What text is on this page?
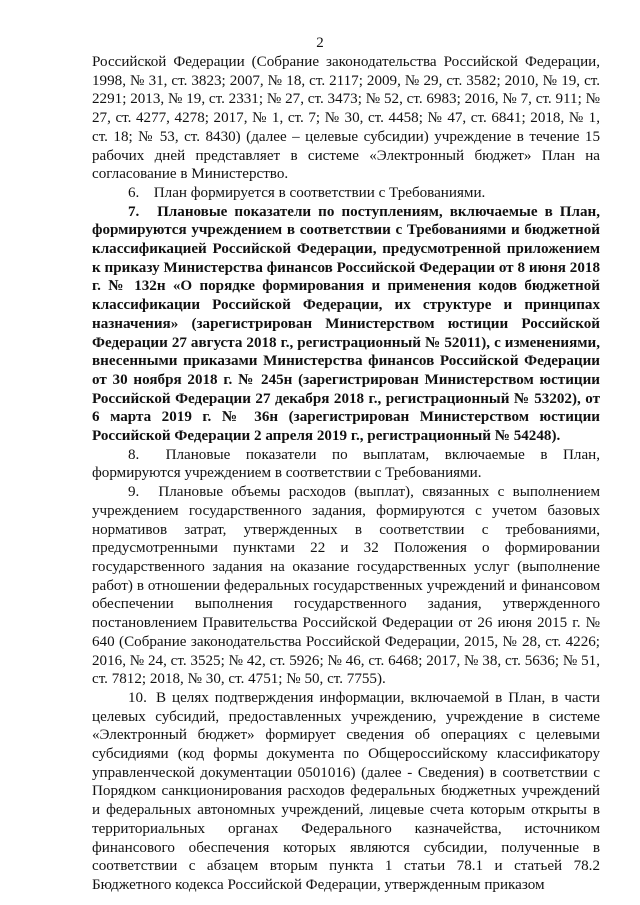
2

Российской Федерации (Собрание законодательства Российской Федерации, 1998, № 31, ст. 3823; 2007, № 18, ст. 2117; 2009, № 29, ст. 3582; 2010, № 19, ст. 2291; 2013, № 19, ст. 2331; № 27, ст. 3473; № 52, ст. 6983; 2016, № 7, ст. 911; № 27, ст. 4277, 4278; 2017, № 1, ст. 7; № 30, ст. 4458; № 47, ст. 6841; 2018, № 1, ст. 18; № 53, ст. 8430) (далее – целевые субсидии) учреждение в течение 15 рабочих дней представляет в системе «Электронный бюджет» План на согласование в Министерство.

6. План формируется в соответствии с Требованиями.

7. Плановые показатели по поступлениям, включаемые в План, формируются учреждением в соответствии с Требованиями и бюджетной классификацией Российской Федерации, предусмотренной приложением к приказу Министерства финансов Российской Федерации от 8 июня 2018 г. № 132н «О порядке формирования и применения кодов бюджетной классификации Российской Федерации, их структуре и принципах назначения» (зарегистрирован Министерством юстиции Российской Федерации 27 августа 2018 г., регистрационный № 52011), с изменениями, внесенными приказами Министерства финансов Российской Федерации от 30 ноября 2018 г. № 245н (зарегистрирован Министерством юстиции Российской Федерации 27 декабря 2018 г., регистрационный № 53202), от 6 марта 2019 г. № 36н (зарегистрирован Министерством юстиции Российской Федерации 2 апреля 2019 г., регистрационный № 54248).

8. Плановые показатели по выплатам, включаемые в План, формируются учреждением в соответствии с Требованиями.

9. Плановые объемы расходов (выплат), связанных с выполнением учреждением государственного задания, формируются с учетом базовых нормативов затрат, утвержденных в соответствии с требованиями, предусмотренными пунктами 22 и 32 Положения о формировании государственного задания на оказание государственных услуг (выполнение работ) в отношении федеральных государственных учреждений и финансовом обеспечении выполнения государственного задания, утвержденного постановлением Правительства Российской Федерации от 26 июня 2015 г. № 640 (Собрание законодательства Российской Федерации, 2015, № 28, ст. 4226; 2016, № 24, ст. 3525; № 42, ст. 5926; № 46, ст. 6468; 2017, № 38, ст. 5636; № 51, ст. 7812; 2018, № 30, ст. 4751; № 50, ст. 7755).

10. В целях подтверждения информации, включаемой в План, в части целевых субсидий, предоставленных учреждению, учреждение в системе «Электронный бюджет» формирует сведения об операциях с целевыми субсидиями (код формы документа по Общероссийскому классификатору управленческой документации 0501016) (далее - Сведения) в соответствии с Порядком санкционирования расходов федеральных бюджетных учреждений и федеральных автономных учреждений, лицевые счета которым открыты в территориальных органах Федерального казначейства, источником финансового обеспечения которых являются субсидии, полученные в соответствии с абзацем вторым пункта 1 статьи 78.1 и статьей 78.2 Бюджетного кодекса Российской Федерации, утвержденным приказом
